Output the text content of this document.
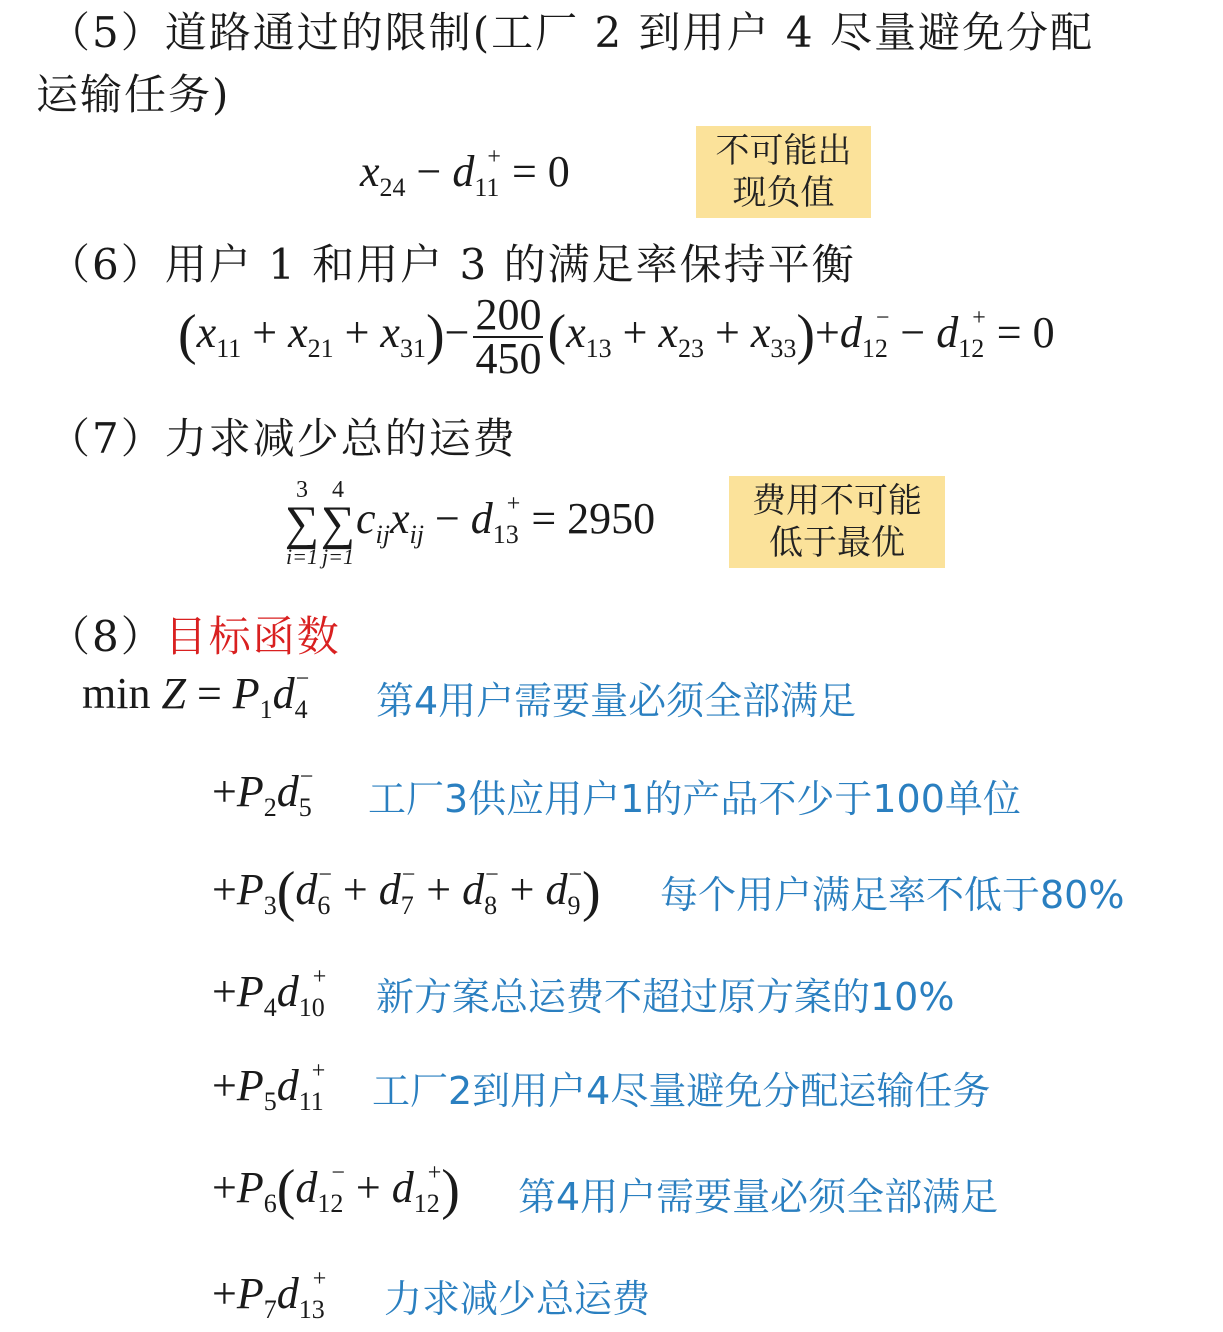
（5）道路通过的限制(工厂 2 到用户 4 尽量避免分配
运输任务)
$x_{24} - d_{11}^+ = 0$	不可能出
现负值
（6）用户 1 和用户 3 的满足率保持平衡
$(x_{11} + x_{21} + x_{31})- \frac{200}{450} (x_{13} + x_{23} + x_{33})+d_{12}^- - d_{12}^+ = 0$
（7）力求减少总的运费
3
∑
i=1
4
∑
j=1
$c_{ij}x_{ij} - d_{13}^+ = 2950$	费用不可能
低于最优
（8）目标函数
$\min Z = P_1d_4^-$ 第4用户需要量必须全部满足
$+P_2d_5^-$ 工厂3供应用户1的产品不少于100单位
$+P_3(d_6^- + d_7^- + d_8^- + d_9^-)$ 每个用户满足率不低于80%
$+P_4d_{10}^+$ 新方案总运费不超过原方案的10%
$+P_5d_{11}^+$ 工厂2到用户4尽量避免分配运输任务
$+P_6(d_{12}^- + d_{12}^+)$ 第4用户需要量必须全部满足
$+P_7d_{13}^+$ 力求减少总运费
